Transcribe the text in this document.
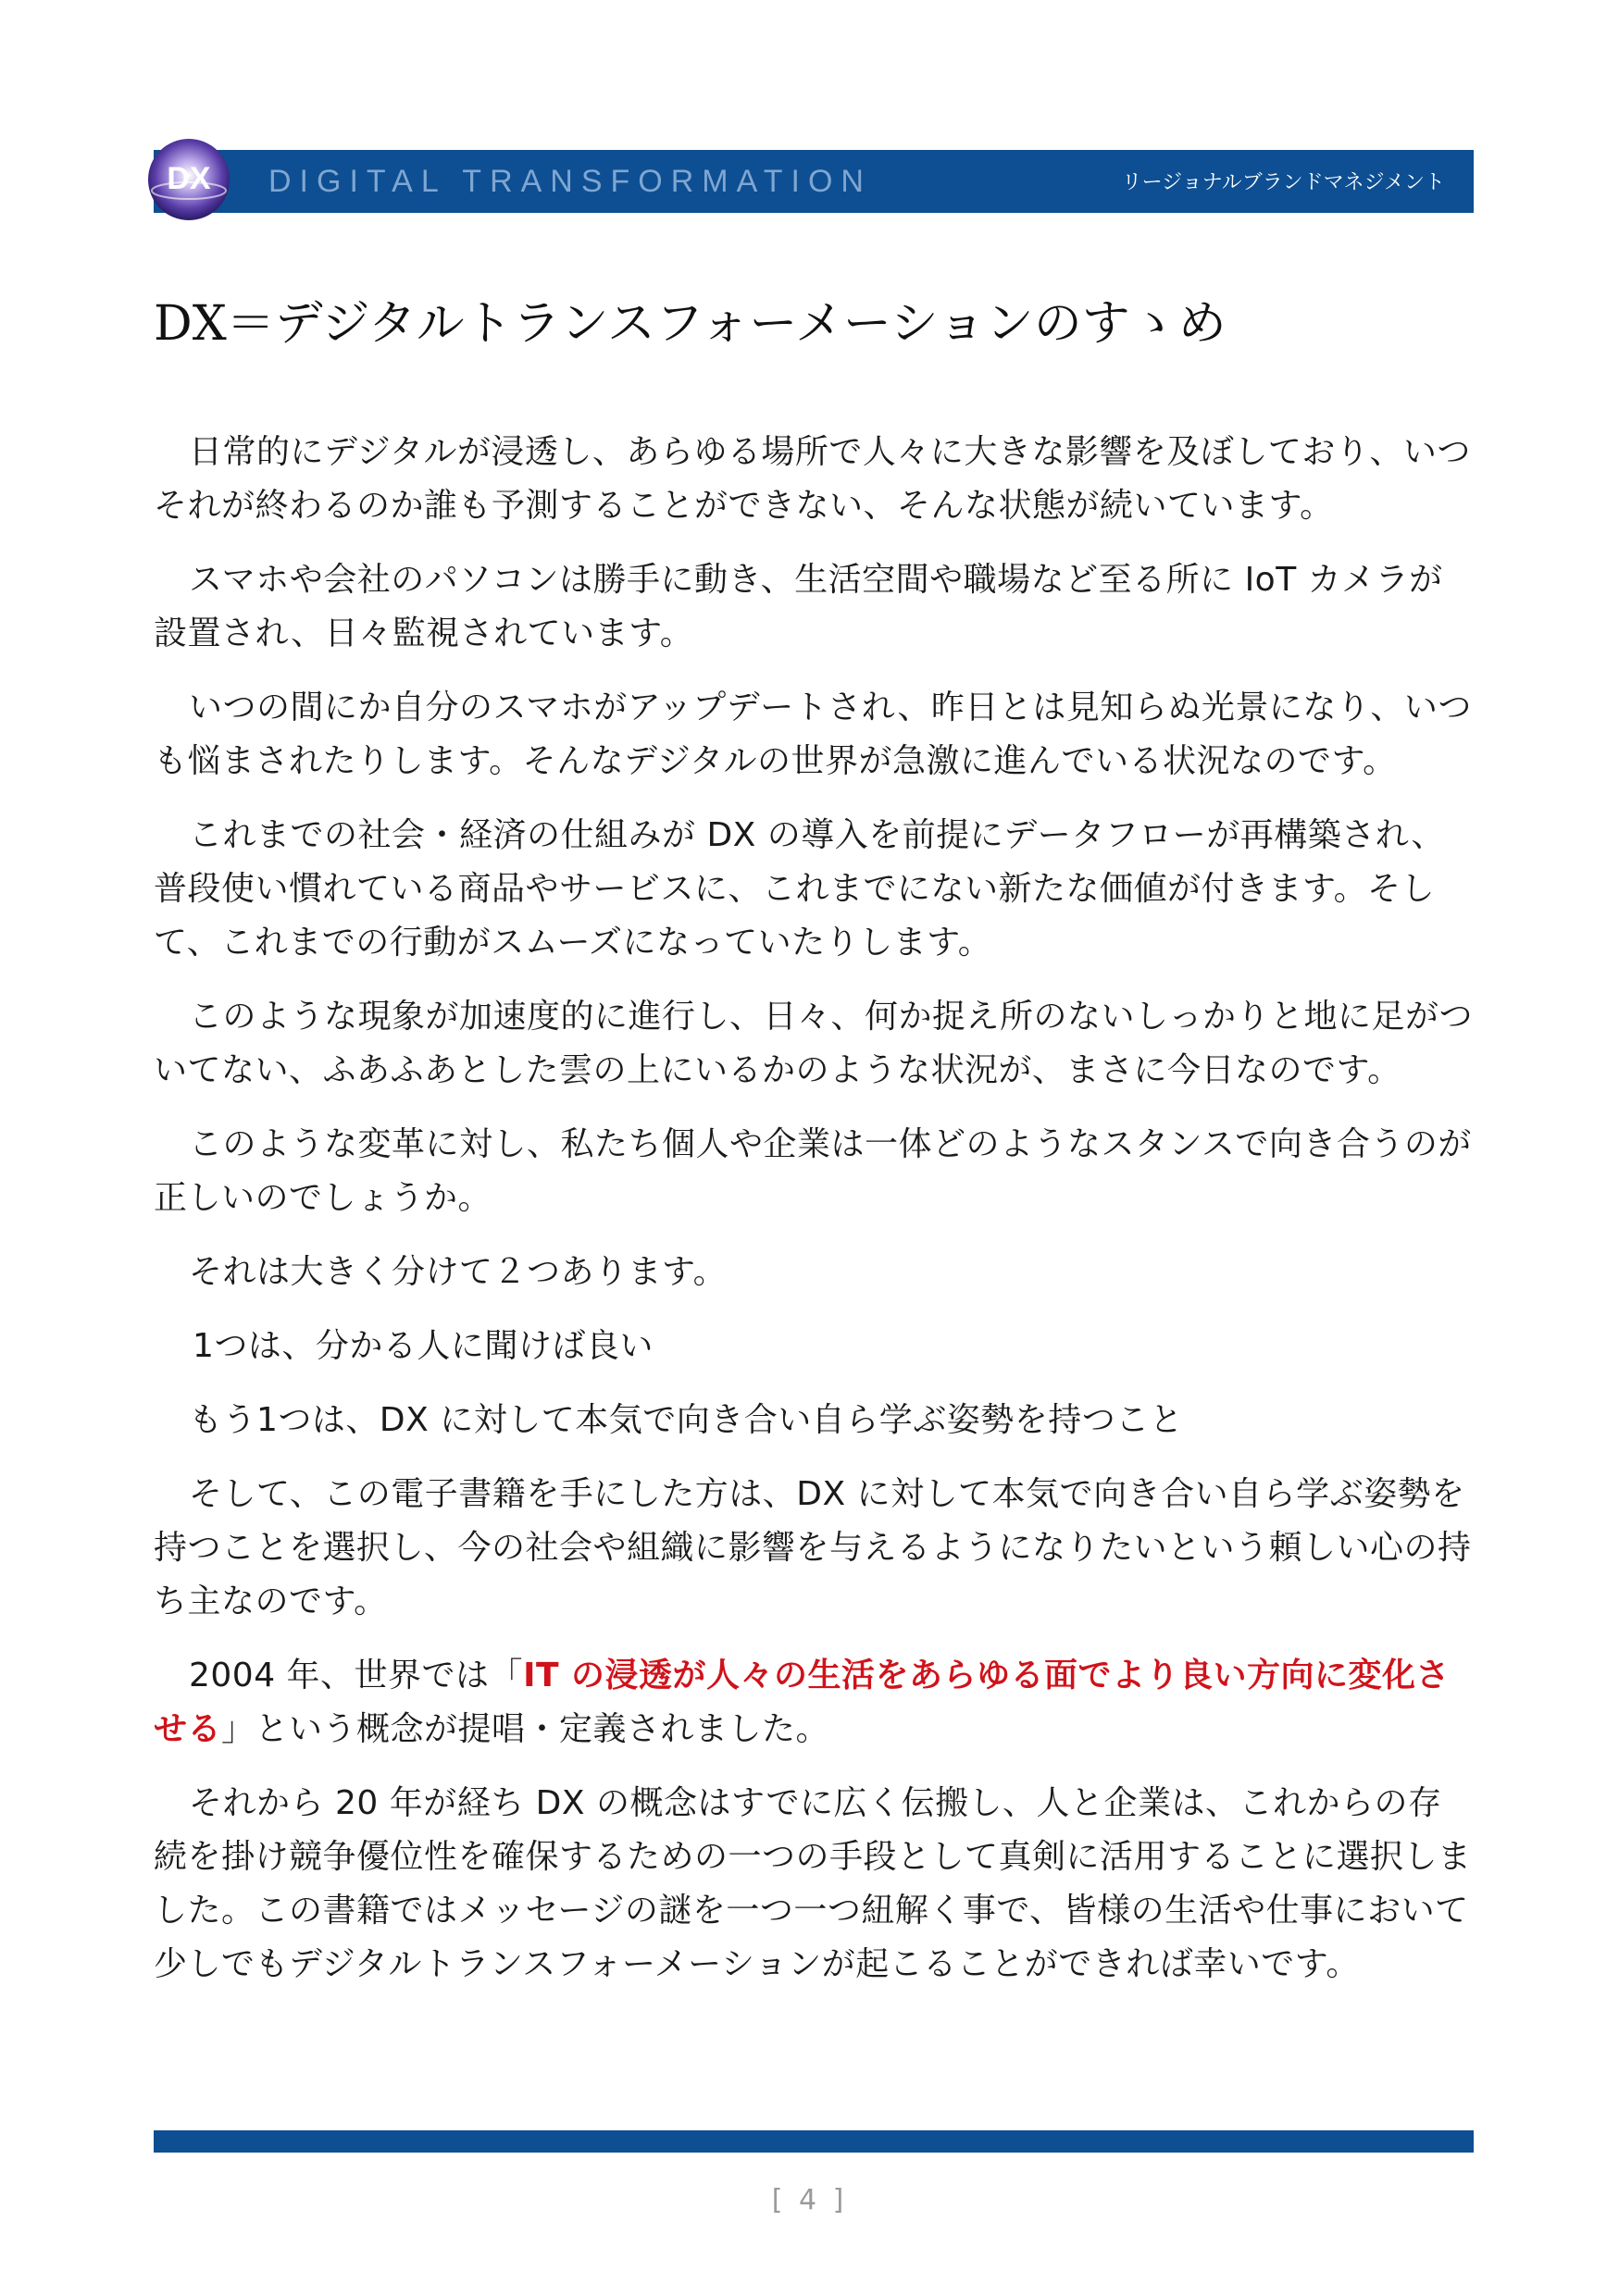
DX DIGITAL TRANSFORMATION	リージョナルブランドマネジメント
DX＝デジタルトランスフォーメーションのすゝめ

日常的にデジタルが浸透し、あらゆる場所で人々に大きな影響を及ぼしており、いつそれが終わるのか誰も予測することができない、そんな状態が続いています。

スマホや会社のパソコンは勝手に動き、生活空間や職場など至る所に IoT カメラが設置され、日々監視されています。

いつの間にか自分のスマホがアップデートされ、昨日とは見知らぬ光景になり、いつも悩まされたりします。そんなデジタルの世界が急激に進んでいる状況なのです。

これまでの社会・経済の仕組みが DX の導入を前提にデータフローが再構築され、普段使い慣れている商品やサービスに、これまでにない新たな価値が付きます。そして、これまでの行動がスムーズになっていたりします。

このような現象が加速度的に進行し、日々、何か捉え所のないしっかりと地に足がついてない、ふあふあとした雲の上にいるかのような状況が、まさに今日なのです。

このような変革に対し、私たち個人や企業は一体どのようなスタンスで向き合うのが正しいのでしょうか。

それは大きく分けて２つあります。

1つは、分かる人に聞けば良い

もう1つは、DX に対して本気で向き合い自ら学ぶ姿勢を持つこと

そして、この電子書籍を手にした方は、DX に対して本気で向き合い自ら学ぶ姿勢を持つことを選択し、今の社会や組織に影響を与えるようになりたいという頼しい心の持ち主なのです。

2004 年、世界では「IT の浸透が人々の生活をあらゆる面でより良い方向に変化させる」という概念が提唱・定義されました。

それから 20 年が経ち DX の概念はすでに広く伝搬し、人と企業は、これからの存続を掛け競争優位性を確保するための一つの手段として真剣に活用することに選択しました。この書籍ではメッセージの謎を一つ一つ紐解く事で、皆様の生活や仕事において少しでもデジタルトランスフォーメーションが起こることができれば幸いです。

[ 4 ]
